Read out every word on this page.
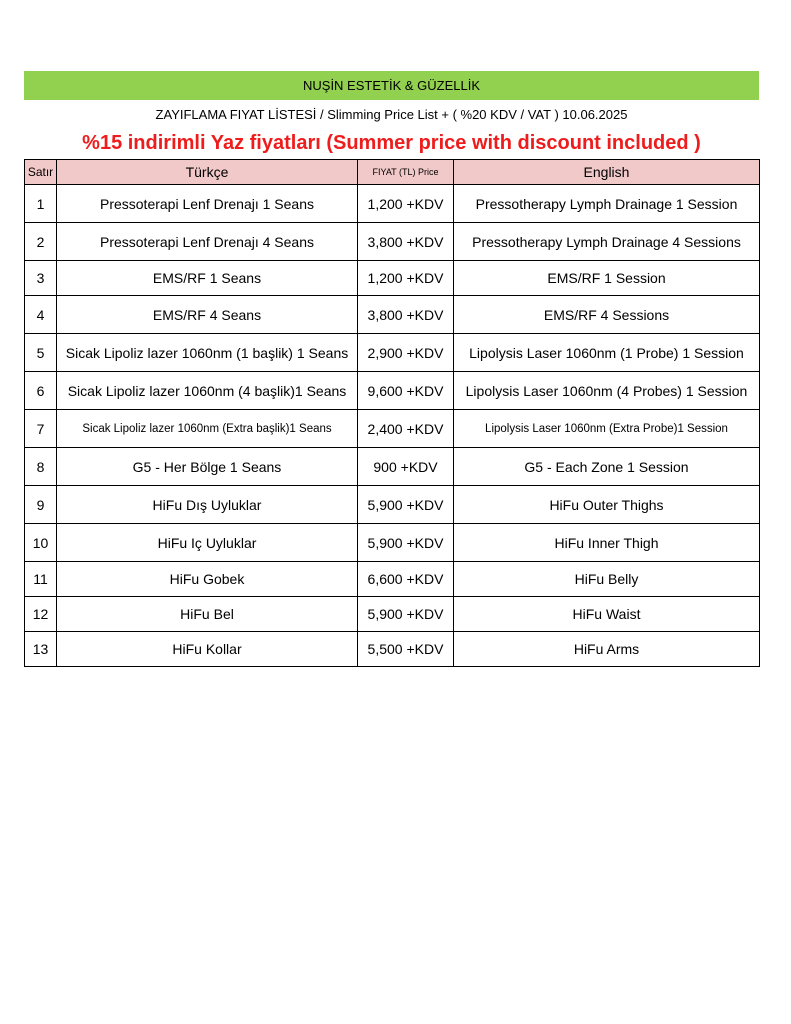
NUŞİN ESTETİK & GÜZELLİK
ZAYIFLAMA FIYAT LİSTESİ / Slimming Price List + ( %20 KDV / VAT ) 10.06.2025
%15 indirimli Yaz fiyatları (Summer price with discount included )
Satır	Türkçe	FIYAT (TL) Price	English
1	Pressoterapi Lenf Drenajı 1 Seans	1,200 +KDV	Pressotherapy Lymph Drainage 1 Session
2	Pressoterapi Lenf Drenajı 4 Seans	3,800 +KDV	Pressotherapy Lymph Drainage 4 Sessions
3	EMS/RF 1 Seans	1,200 +KDV	EMS/RF 1 Session
4	EMS/RF 4 Seans	3,800 +KDV	EMS/RF 4 Sessions
5	Sicak Lipoliz lazer 1060nm (1 başlik) 1 Seans	2,900 +KDV	Lipolysis Laser 1060nm (1 Probe) 1 Session
6	Sicak Lipoliz lazer 1060nm (4 başlik)1 Seans	9,600 +KDV	Lipolysis Laser 1060nm (4 Probes) 1 Session
7	Sicak Lipoliz lazer 1060nm (Extra başlik)1 Seans	2,400 +KDV	Lipolysis Laser 1060nm (Extra Probe)1 Session
8	G5 - Her Bölge 1 Seans	900 +KDV	G5 - Each Zone 1 Session
9	HiFu Dış Uyluklar	5,900 +KDV	HiFu Outer Thighs
10	HiFu Iç Uyluklar	5,900 +KDV	HiFu Inner Thigh
11	HiFu Gobek	6,600 +KDV	HiFu Belly
12	HiFu Bel	5,900 +KDV	HiFu Waist
13	HiFu Kollar	5,500 +KDV	HiFu Arms
